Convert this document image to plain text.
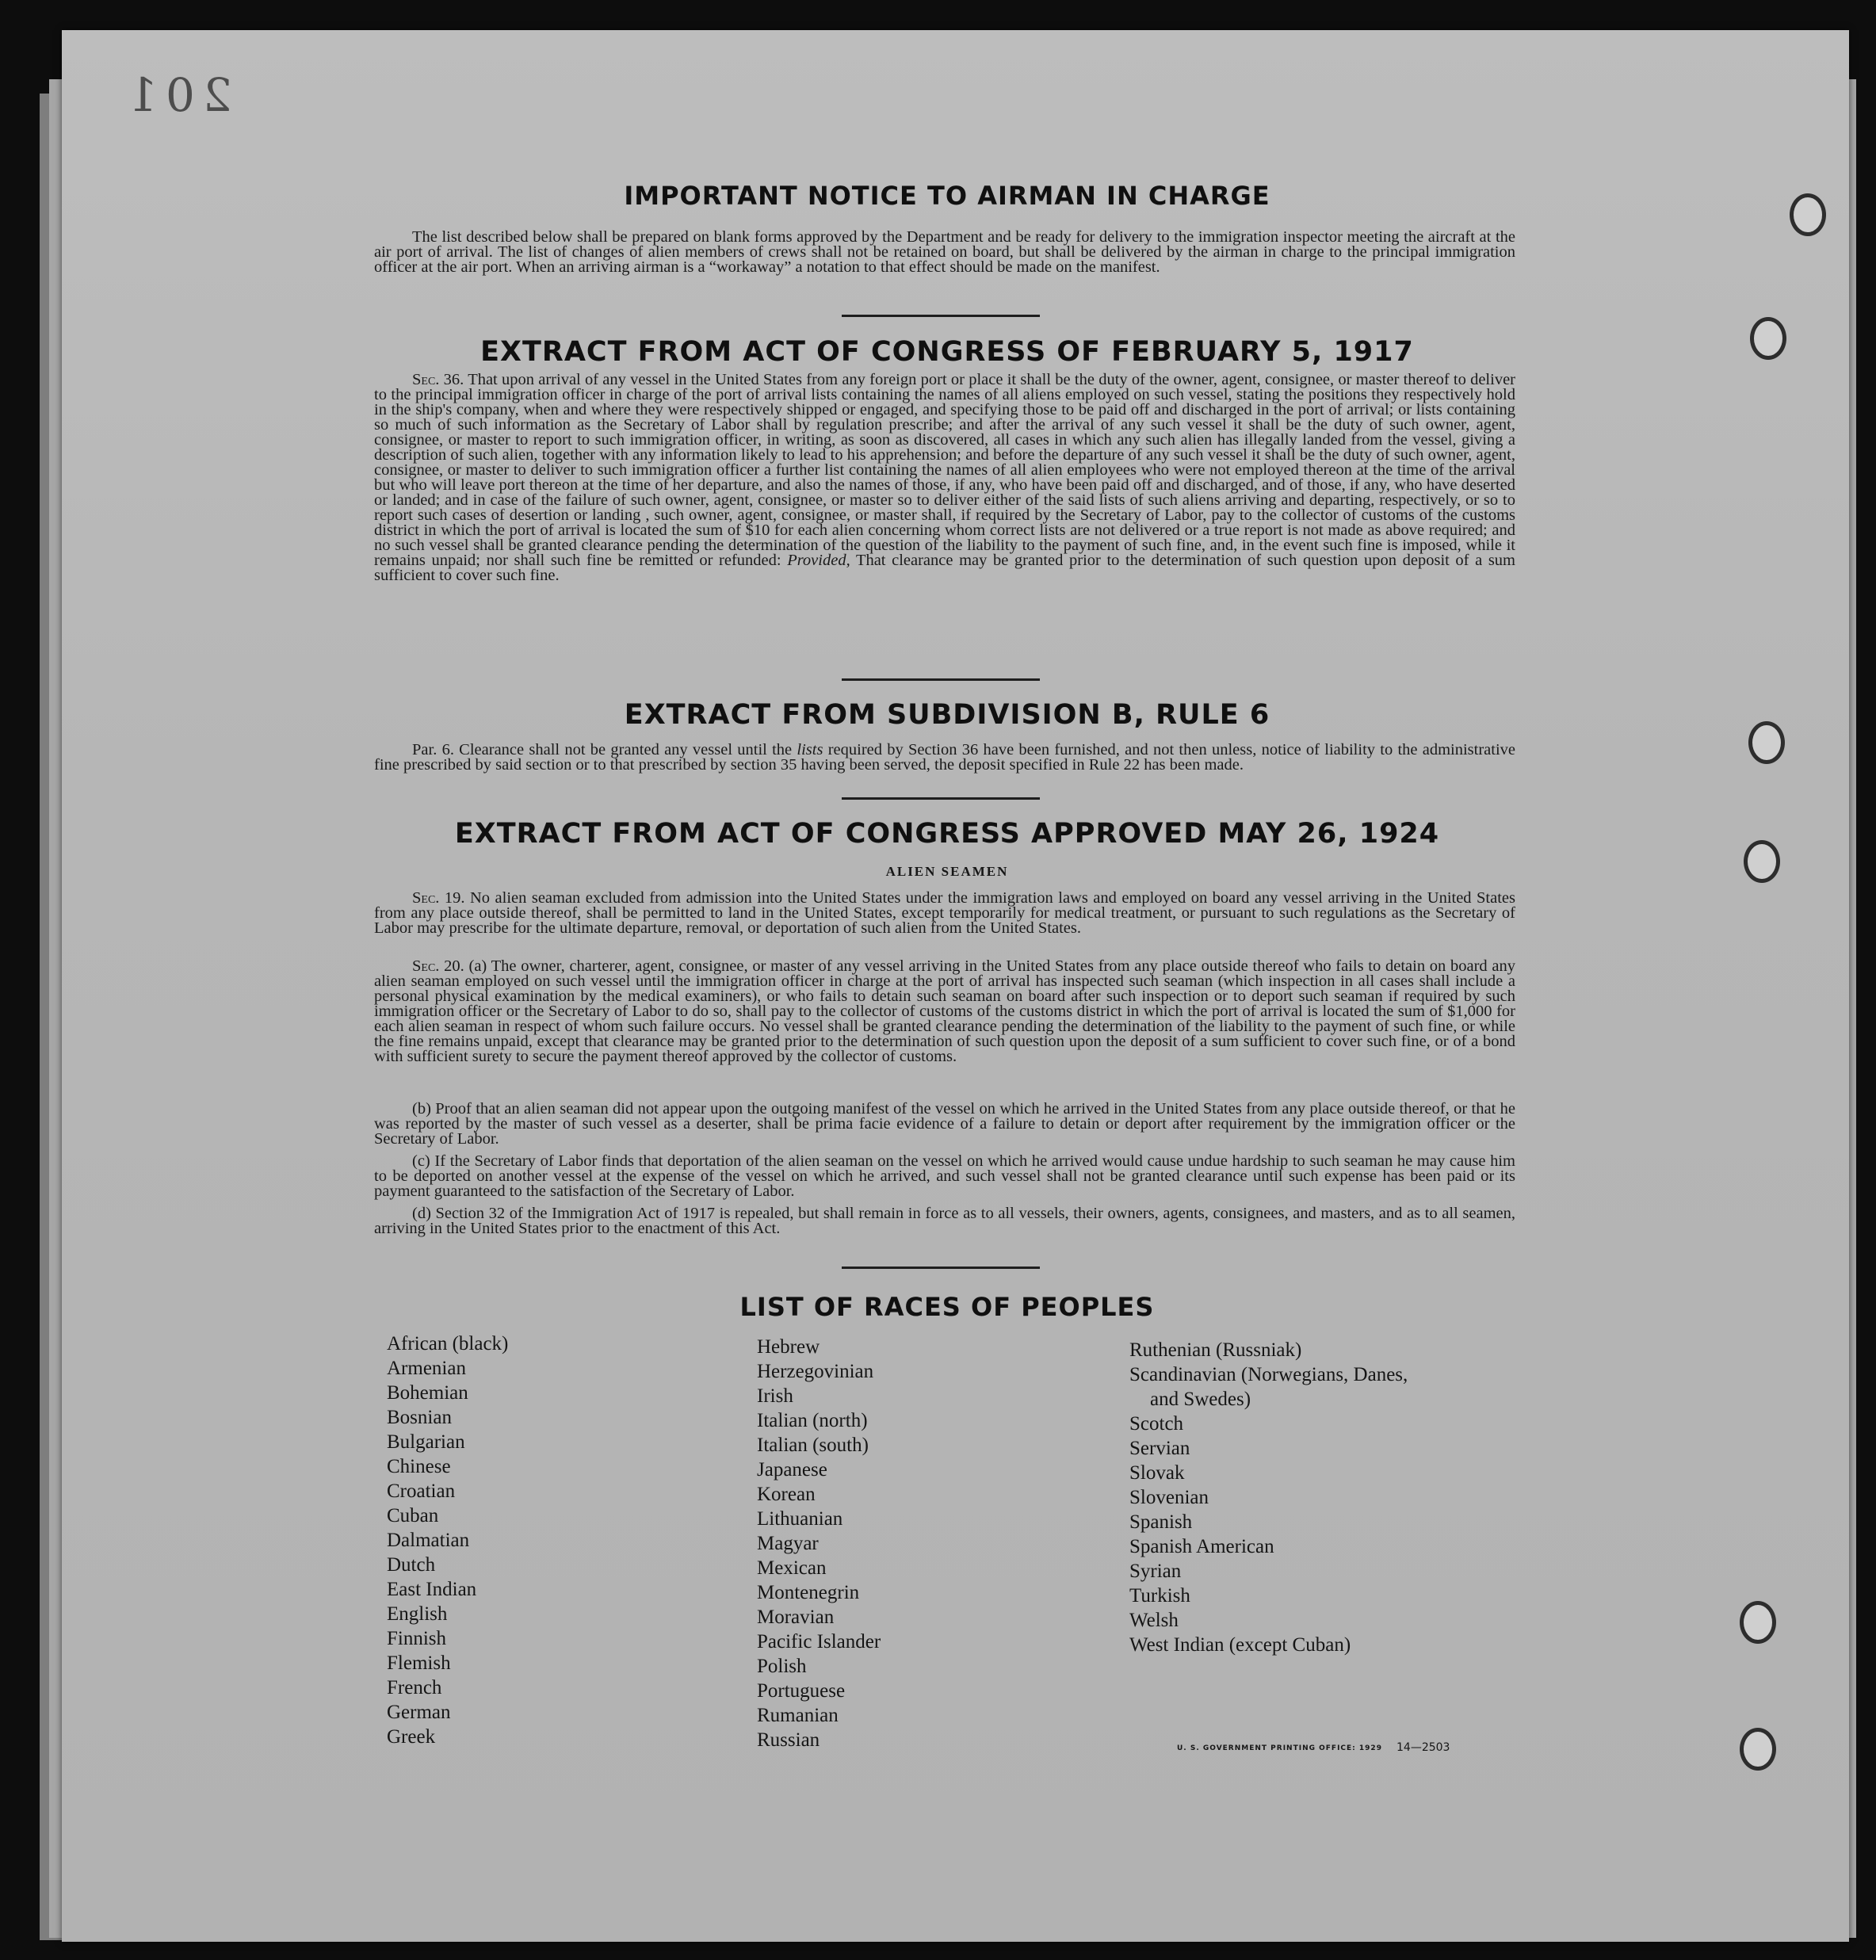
201
IMPORTANT NOTICE TO AIRMAN IN CHARGE

The list described below shall be prepared on blank forms approved by the Department and be ready for delivery to the immigration inspector meeting the aircraft at the air port of arrival. The list of changes of alien members of crews shall not be retained on board, but shall be delivered by the airman in charge to the principal immigration officer at the air port. When an arriving airman is a “workaway” a notation to that effect should be made on the manifest.

EXTRACT FROM ACT OF CONGRESS OF FEBRUARY 5, 1917

Sec. 36. That upon arrival of any vessel in the United States from any foreign port or place it shall be the duty of the owner, agent, consignee, or master thereof to deliver to the principal immigration officer in charge of the port of arrival lists containing the names of all aliens employed on such vessel, stating the positions they respectively hold in the ship's company, when and where they were respectively shipped or engaged, and specifying those to be paid off and discharged in the port of arrival; or lists containing so much of such information as the Secretary of Labor shall by regulation prescribe; and after the arrival of any such vessel it shall be the duty of such owner, agent, consignee, or master to report to such immigration officer, in writing, as soon as discovered, all cases in which any such alien has illegally landed from the vessel, giving a description of such alien, together with any information likely to lead to his apprehension; and before the departure of any such vessel it shall be the duty of such owner, agent, consignee, or master to deliver to such immigration officer a further list containing the names of all alien employees who were not employed thereon at the time of the arrival but who will leave port thereon at the time of her departure, and also the names of those, if any, who have been paid off and discharged, and of those, if any, who have deserted or landed; and in case of the failure of such owner, agent, consignee, or master so to deliver either of the said lists of such aliens arriving and departing, respectively, or so to report such cases of desertion or landing , such owner, agent, consignee, or master shall, if required by the Secretary of Labor, pay to the collector of customs of the customs district in which the port of arrival is located the sum of $10 for each alien concerning whom correct lists are not delivered or a true report is not made as above required; and no such vessel shall be granted clearance pending the determination of the question of the liability to the payment of such fine, and, in the event such fine is imposed, while it remains unpaid; nor shall such fine be remitted or refunded: Provided, That clearance may be granted prior to the determination of such question upon deposit of a sum sufficient to cover such fine.

EXTRACT FROM SUBDIVISION B, RULE 6

Par. 6. Clearance shall not be granted any vessel until the lists required by Section 36 have been furnished, and not then unless, notice of liability to the administrative fine prescribed by said section or to that prescribed by section 35 having been served, the deposit specified in Rule 22 has been made.

EXTRACT FROM ACT OF CONGRESS APPROVED MAY 26, 1924
ALIEN SEAMEN

Sec. 19. No alien seaman excluded from admission into the United States under the immigration laws and employed on board any vessel arriving in the United States from any place outside thereof, shall be permitted to land in the United States, except temporarily for medical treatment, or pursuant to such regulations as the Secretary of Labor may prescribe for the ultimate departure, removal, or deportation of such alien from the United States.

Sec. 20. (a) The owner, charterer, agent, consignee, or master of any vessel arriving in the United States from any place outside thereof who fails to detain on board any alien seaman employed on such vessel until the immigration officer in charge at the port of arrival has inspected such seaman (which inspection in all cases shall include a personal physical examination by the medical examiners), or who fails to detain such seaman on board after such inspection or to deport such seaman if required by such immigration officer or the Secretary of Labor to do so, shall pay to the collector of customs of the customs district in which the port of arrival is located the sum of $1,000 for each alien seaman in respect of whom such failure occurs. No vessel shall be granted clearance pending the determination of the liability to the payment of such fine, or while the fine remains unpaid, except that clearance may be granted prior to the determination of such question upon the deposit of a sum sufficient to cover such fine, or of a bond with sufficient surety to secure the payment thereof approved by the collector of customs.

(b) Proof that an alien seaman did not appear upon the outgoing manifest of the vessel on which he arrived in the United States from any place outside thereof, or that he was reported by the master of such vessel as a deserter, shall be prima facie evidence of a failure to detain or deport after requirement by the immigration officer or the Secretary of Labor.

(c) If the Secretary of Labor finds that deportation of the alien seaman on the vessel on which he arrived would cause undue hardship to such seaman he may cause him to be deported on another vessel at the expense of the vessel on which he arrived, and such vessel shall not be granted clearance until such expense has been paid or its payment guaranteed to the satisfaction of the Secretary of Labor.

(d) Section 32 of the Immigration Act of 1917 is repealed, but shall remain in force as to all vessels, their owners, agents, consignees, and masters, and as to all seamen, arriving in the United States prior to the enactment of this Act.

LIST OF RACES OF PEOPLES
African (black)
Armenian
Bohemian
Bosnian
Bulgarian
Chinese
Croatian
Cuban
Dalmatian
Dutch
East Indian
English
Finnish
Flemish
French
German
Greek
Hebrew
Herzegovinian
Irish
Italian (north)
Italian (south)
Japanese
Korean
Lithuanian
Magyar
Mexican
Montenegrin
Moravian
Pacific Islander
Polish
Portuguese
Rumanian
Russian
Ruthenian (Russniak)
Scandinavian (Norwegians, Danes,
and Swedes)
Scotch
Servian
Slovak
Slovenian
Spanish
Spanish American
Syrian
Turkish
Welsh
West Indian (except Cuban)
U. S. GOVERNMENT PRINTING OFFICE: 1929 14—2503
